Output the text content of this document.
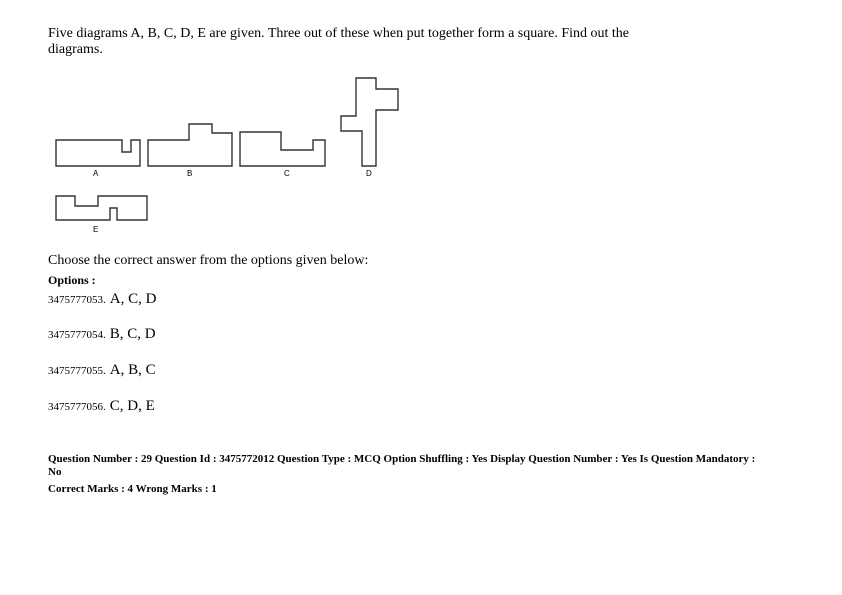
Five diagrams A, B, C, D, E are given. Three out of these when put together form a square. Find out the diagrams.
A	B	C	D
E
Choose the correct answer from the options given below:
Options :
3475777053. A, C, D
3475777054. B, C, D
3475777055. A, B, C
3475777056. C, D, E
Question Number : 29 Question Id : 3475772012 Question Type : MCQ Option Shuffling : Yes Display Question Number : Yes Is Question Mandatory : No
Correct Marks : 4 Wrong Marks : 1
